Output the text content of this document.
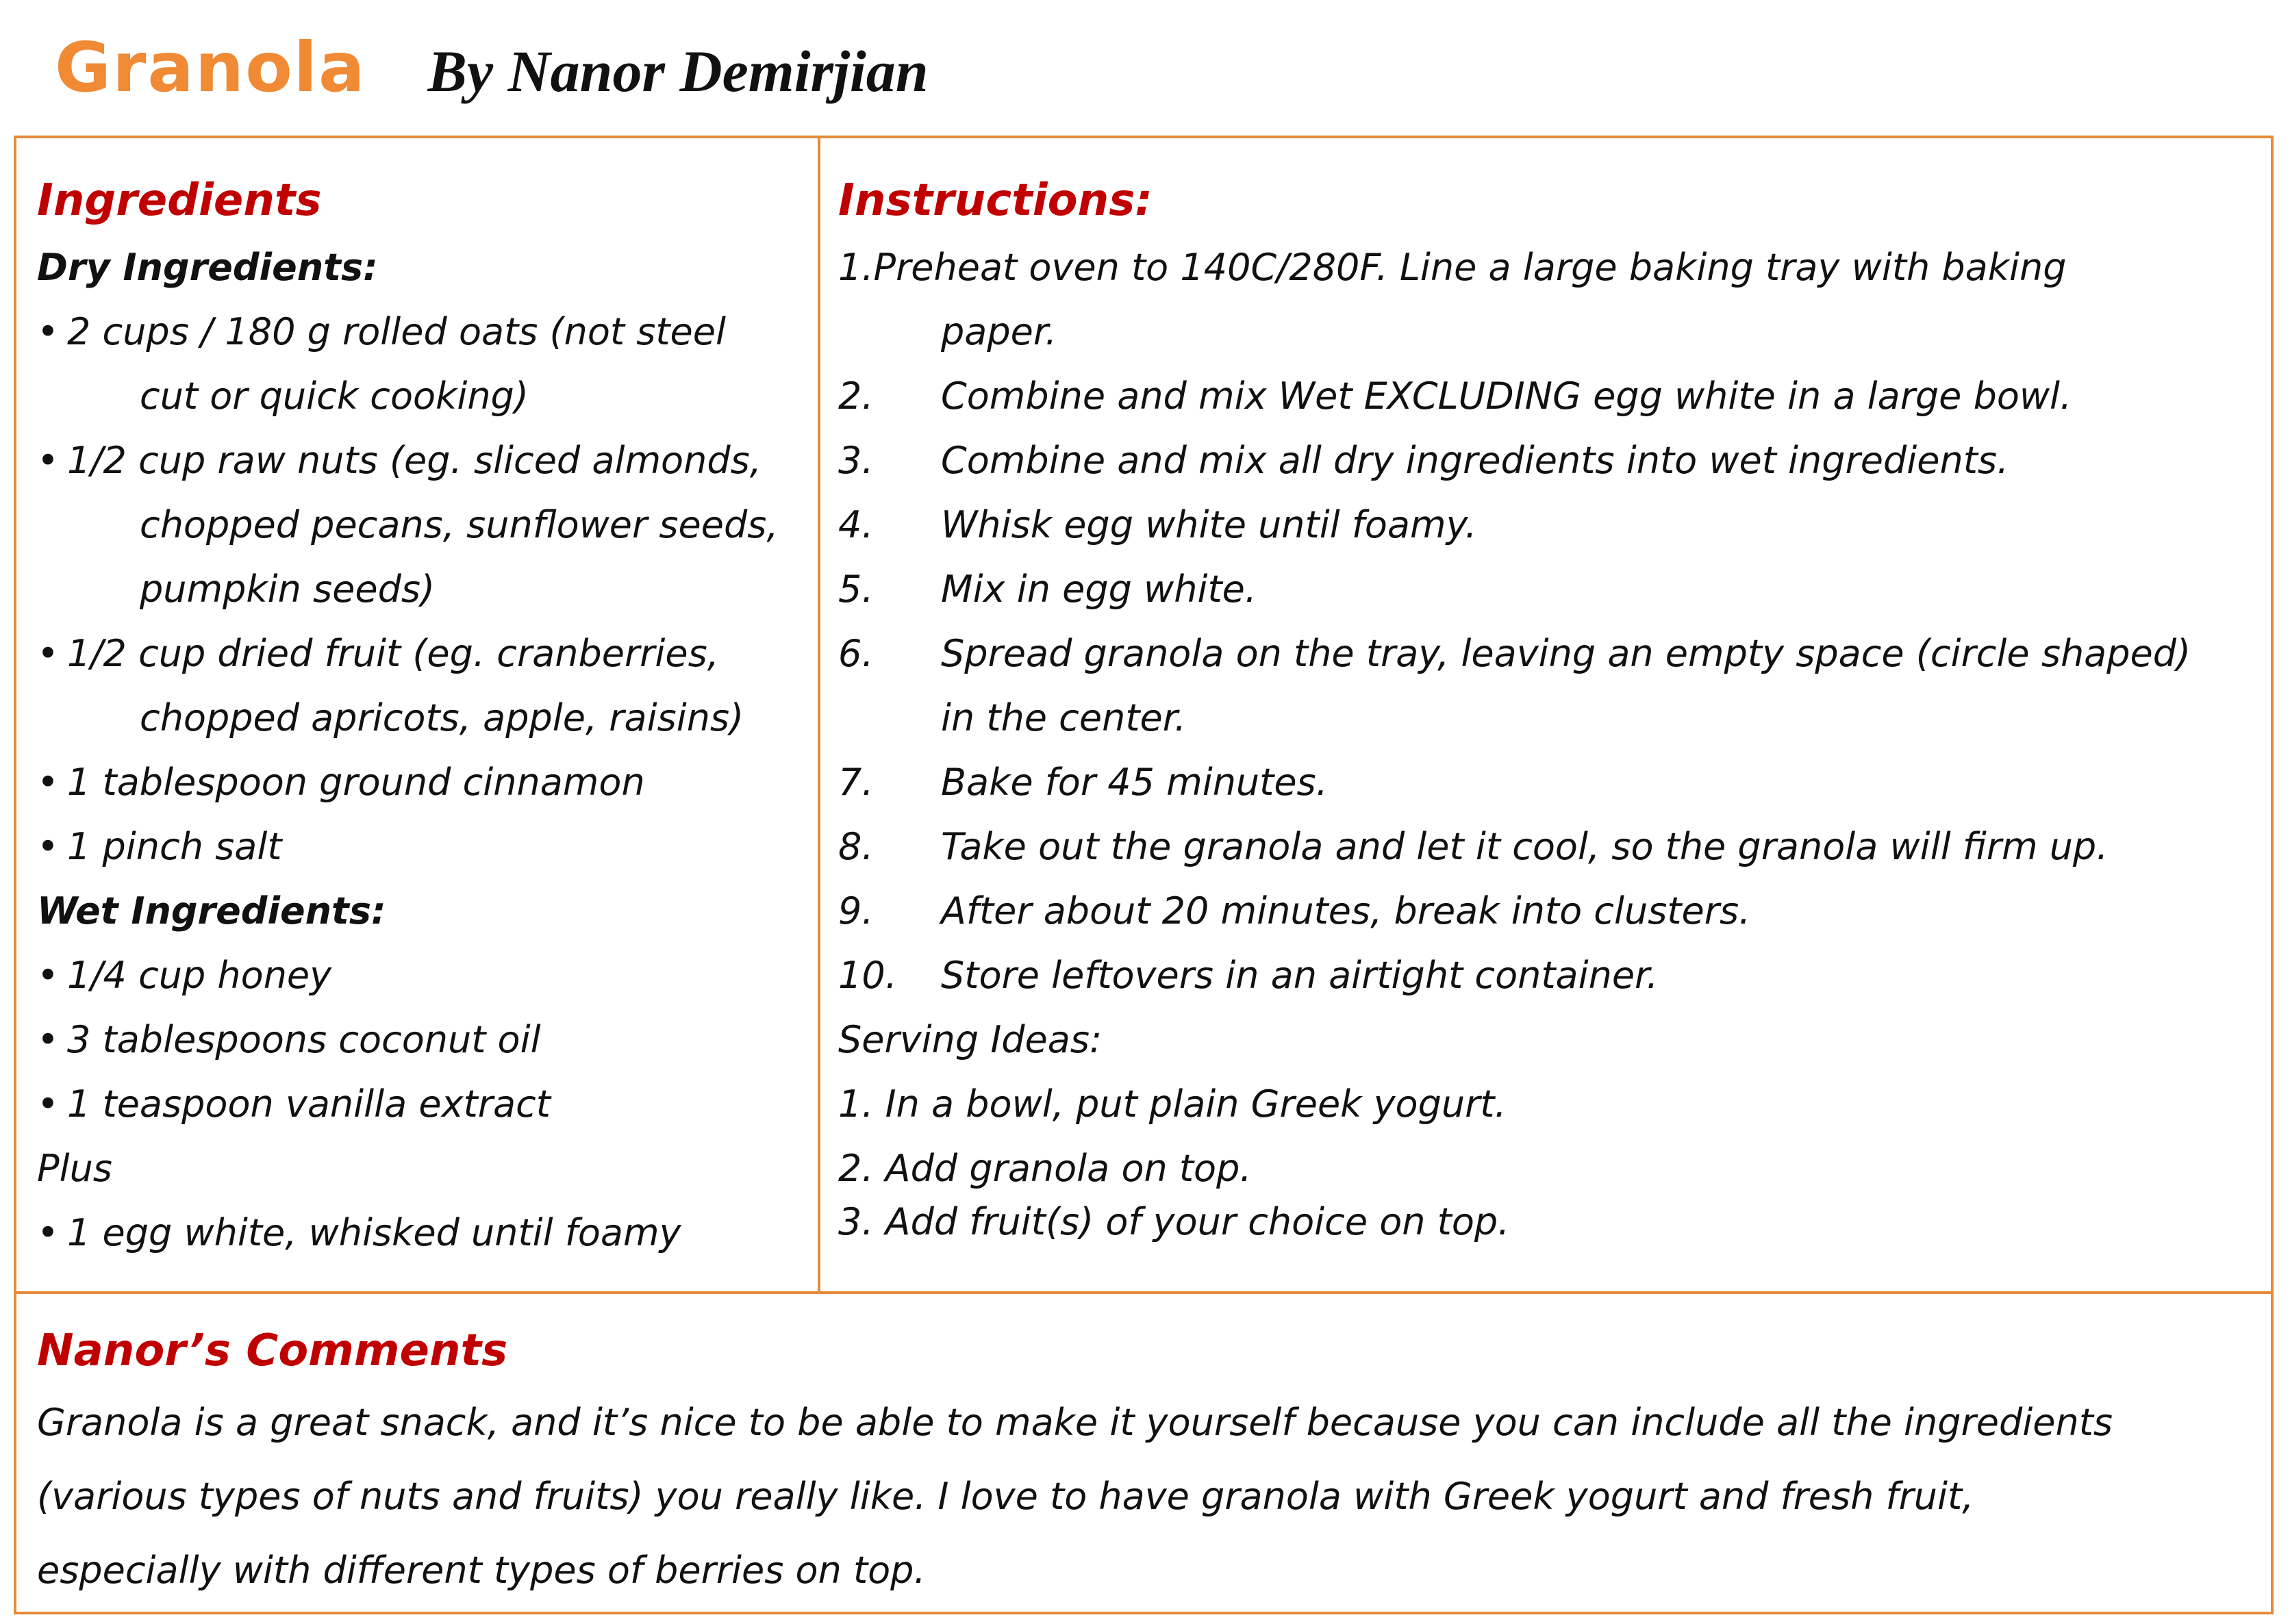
Granola By Nanor Demirjian
Ingredients
Dry Ingredients:
• 2 cups / 180 g rolled oats (not steel
cut or quick cooking)
• 1/2 cup raw nuts (eg. sliced almonds,
chopped pecans, sunflower seeds,
pumpkin seeds)
• 1/2 cup dried fruit (eg. cranberries,
chopped apricots, apple, raisins)
• 1 tablespoon ground cinnamon
• 1 pinch salt
Wet Ingredients:
• 1/4 cup honey
• 3 tablespoons coconut oil
• 1 teaspoon vanilla extract
Plus
• 1 egg white, whisked until foamy
Instructions:
1.Preheat oven to 140C/280F. Line a large baking tray with baking
paper.
2.	Combine and mix Wet EXCLUDING egg white in a large bowl.
3.	Combine and mix all dry ingredients into wet ingredients.
4.	Whisk egg white until foamy.
5.	Mix in egg white.
6.	Spread granola on the tray, leaving an empty space (circle shaped)
in the center.
7.	Bake for 45 minutes.
8.	Take out the granola and let it cool, so the granola will firm up.
9.	After about 20 minutes, break into clusters.
10.	Store leftovers in an airtight container.
Serving Ideas:
1. In a bowl, put plain Greek yogurt.
2. Add granola on top.
3. Add fruit(s) of your choice on top.
Nanor’s Comments
Granola is a great snack, and it’s nice to be able to make it yourself because you can include all the ingredients
(various types of nuts and fruits) you really like. I love to have granola with Greek yogurt and fresh fruit,
especially with different types of berries on top.
